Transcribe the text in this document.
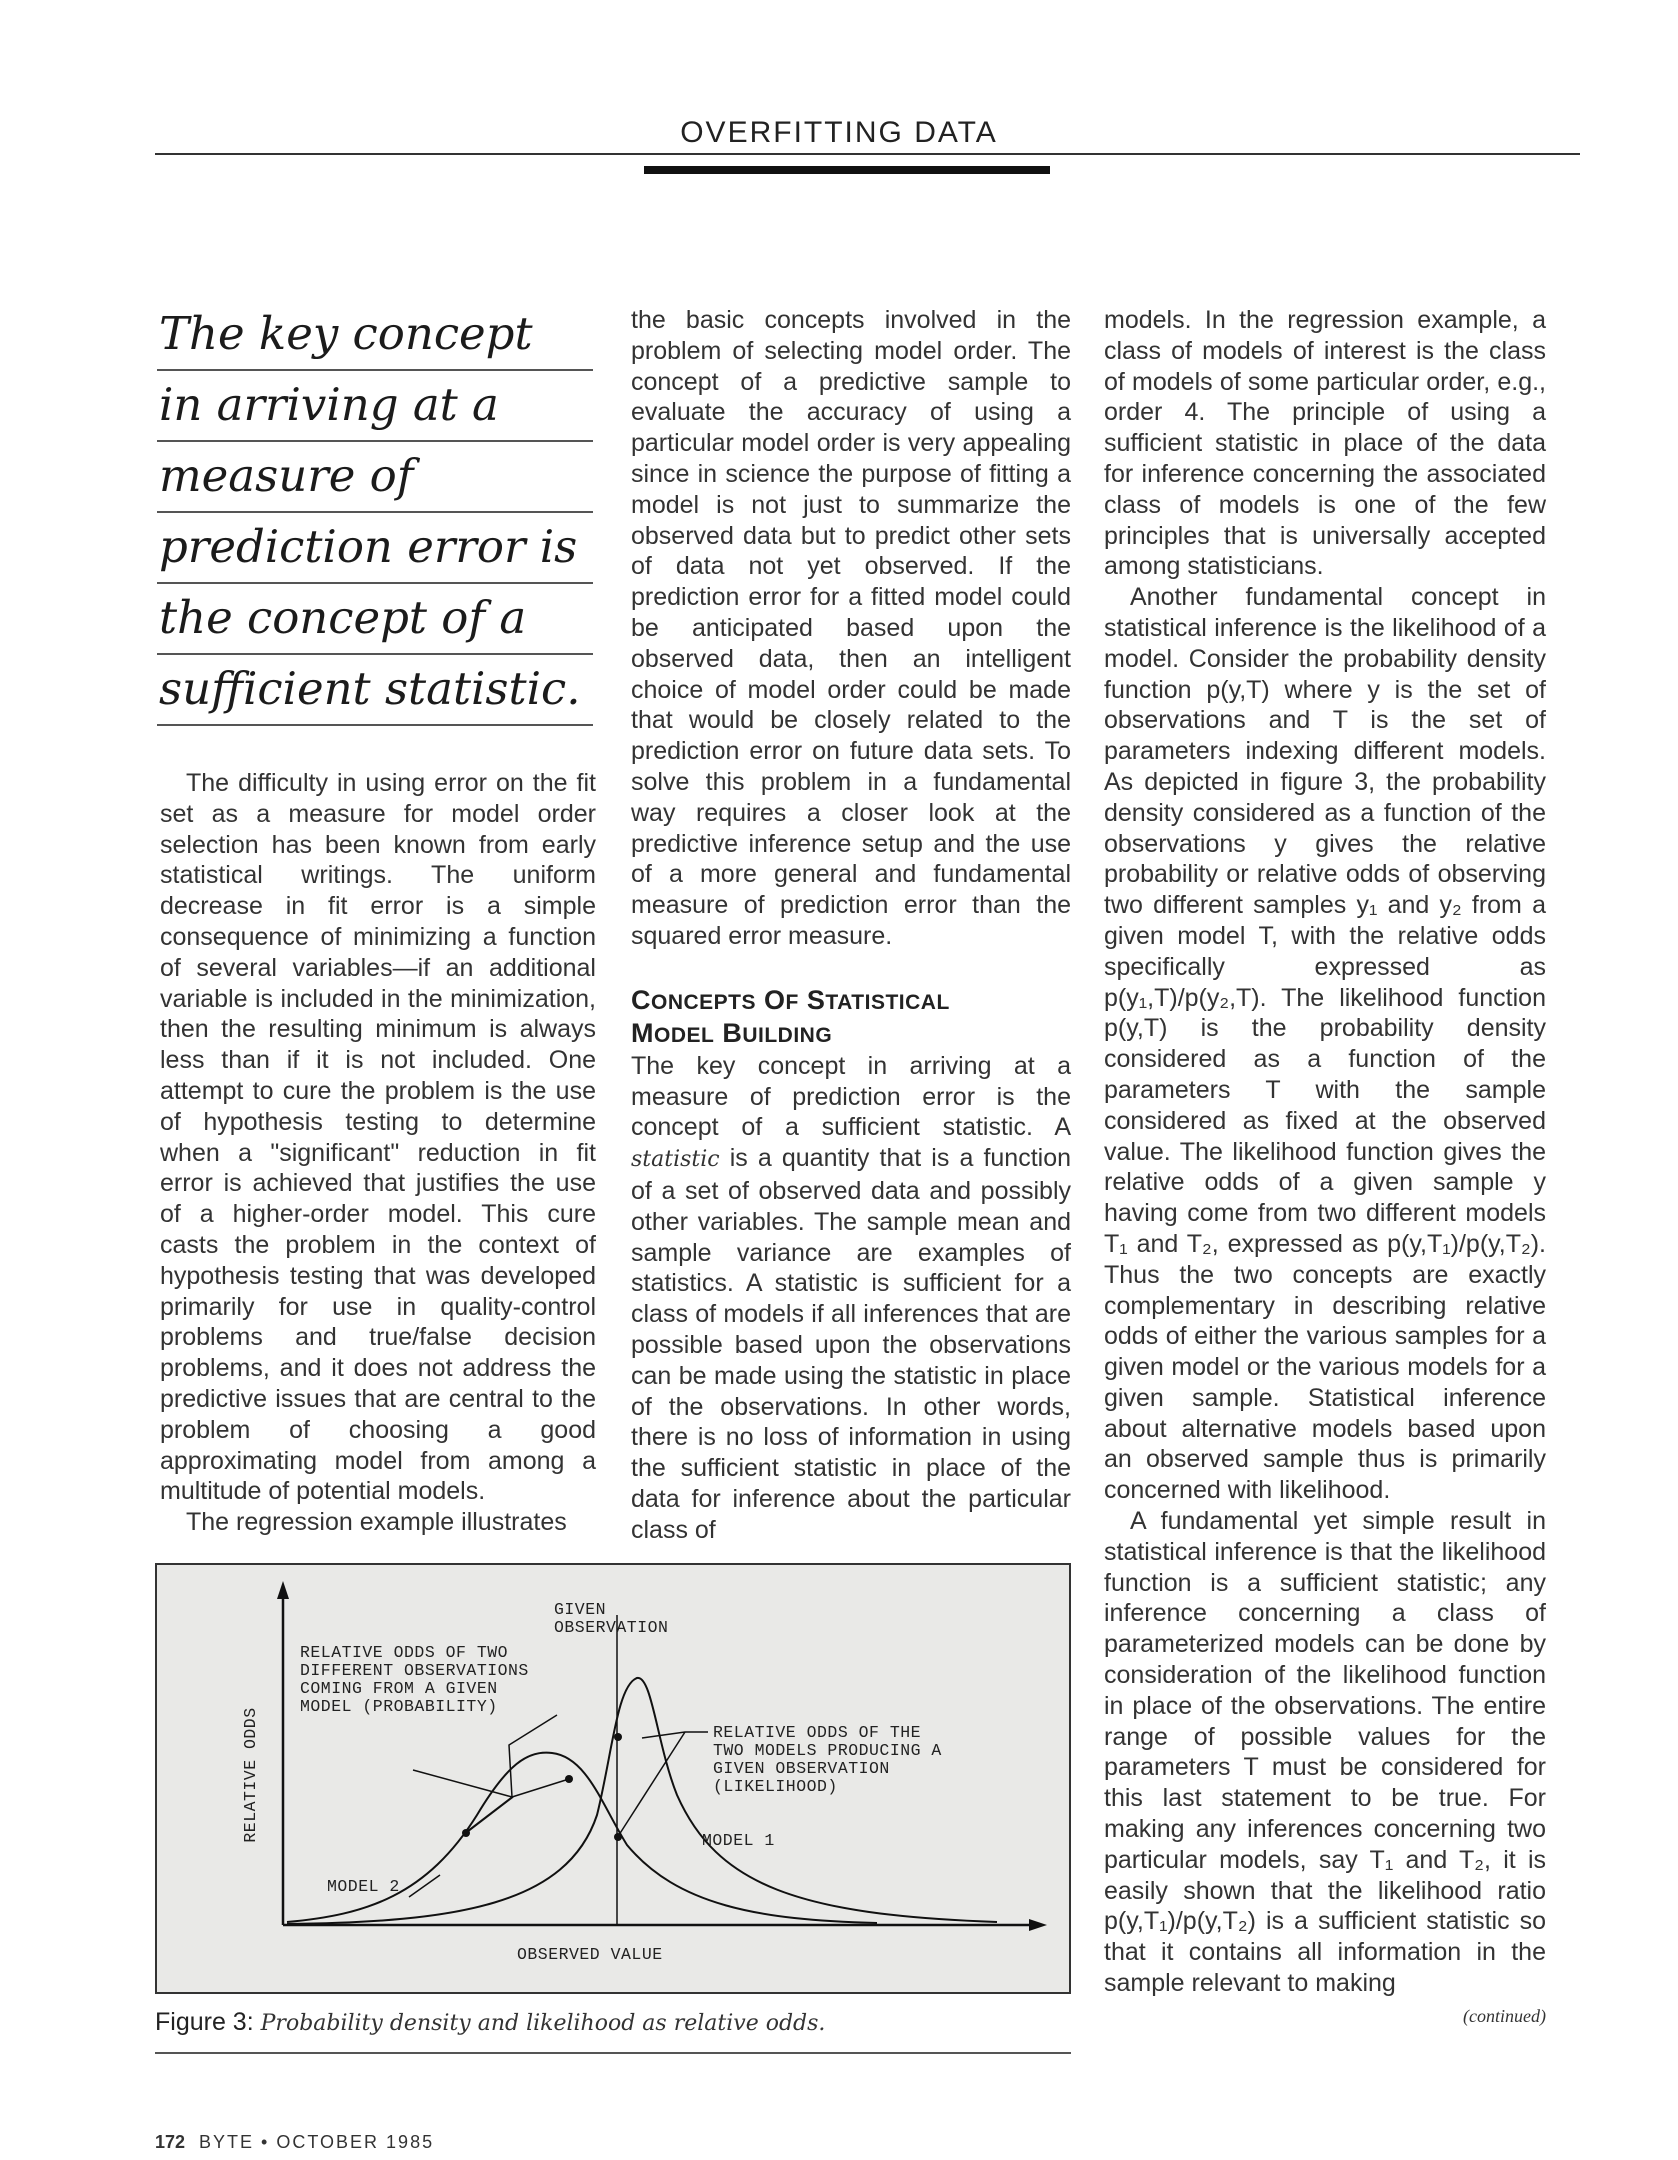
OVERFITTING DATA
The key concept
in arriving at a
measure of
prediction error is
the concept of a
sufficient statistic.

The difficulty in using error on the fit set as a measure for model order selection has been known from early statistical writings. The uniform decrease in fit error is a simple consequence of minimizing a function of several variables—if an additional variable is included in the minimization, then the resulting minimum is always less than if it is not included. One attempt to cure the problem is the use of hypothesis testing to determine when a "significant" reduction in fit error is achieved that justifies the use of a higher-order model. This cure casts the problem in the context of hypothesis testing that was developed primarily for use in quality-control problems and true/false decision problems, and it does not address the predictive issues that are central to the problem of choosing a good approximating model from among a multitude of potential models.

The regression example illustrates

the basic concepts involved in the problem of selecting model order. The concept of a predictive sample to evaluate the accuracy of using a particular model order is very appealing since in science the purpose of fitting a model is not just to summarize the observed data but to predict other sets of data not yet observed. If the prediction error for a fitted model could be anticipated based upon the observed data, then an intelligent choice of model order could be made that would be closely related to the prediction error on future data sets. To solve this problem in a fundamental way requires a closer look at the predictive inference setup and the use of a more general and fundamental measure of prediction error than the squared error measure.

CONCEPTS OF STATISTICAL
MODEL BUILDING

The key concept in arriving at a measure of prediction error is the concept of a sufficient statistic. A statistic is a quantity that is a function of a set of observed data and possibly other variables. The sample mean and sample variance are examples of statistics. A statistic is sufficient for a class of models if all inferences that are possible based upon the observations can be made using the statistic in place of the observations. In other words, there is no loss of information in using the sufficient statistic in place of the data for inference about the particular class of

models. In the regression example, a class of models of interest is the class of models of some particular order, e.g., order 4. The principle of using a sufficient statistic in place of the data for inference concerning the associated class of models is one of the few principles that is universally accepted among statisticians.

Another fundamental concept in statistical inference is the likelihood of a model. Consider the probability density function p(y,T) where y is the set of observations and T is the set of parameters indexing different models. As depicted in figure 3, the probability density considered as a function of the observations y gives the relative probability or relative odds of observing two different samples y₁ and y₂ from a given model T, with the relative odds specifically expressed as p(y₁,T)/p(y₂,T). The likelihood function p(y,T) is the probability density considered as a function of the parameters T with the sample considered as fixed at the observed value. The likelihood function gives the relative odds of a given sample y having come from two different models T₁ and T₂, expressed as p(y,T₁)/p(y,T₂). Thus the two concepts are exactly complementary in describing relative odds of either the various samples for a given model or the various models for a given sample. Statistical inference about alternative models based upon an observed sample thus is primarily concerned with likelihood.

A fundamental yet simple result in statistical inference is that the likelihood function is a sufficient statistic; any inference concerning a class of parameterized models can be done by consideration of the likelihood function in place of the observations. The entire range of possible values for the parameters T must be considered for this last statement to be true. For making any inferences concerning two particular models, say T₁ and T₂, it is easily shown that the likelihood ratio p(y,T₁)/p(y,T₂) is a sufficient statistic so that it contains all information in the sample relevant to making

(continued)
RELATIVE ODDS
OBSERVED VALUE
GIVEN
OBSERVATION
RELATIVE ODDS OF TWO
DIFFERENT OBSERVATIONS
COMING FROM A GIVEN
MODEL (PROBABILITY)
RELATIVE ODDS OF THE
TWO MODELS PRODUCING A
GIVEN OBSERVATION
(LIKELIHOOD)
MODEL 1
MODEL 2
Figure 3: Probability density and likelihood as relative odds.
172 BYTE • OCTOBER 1985
